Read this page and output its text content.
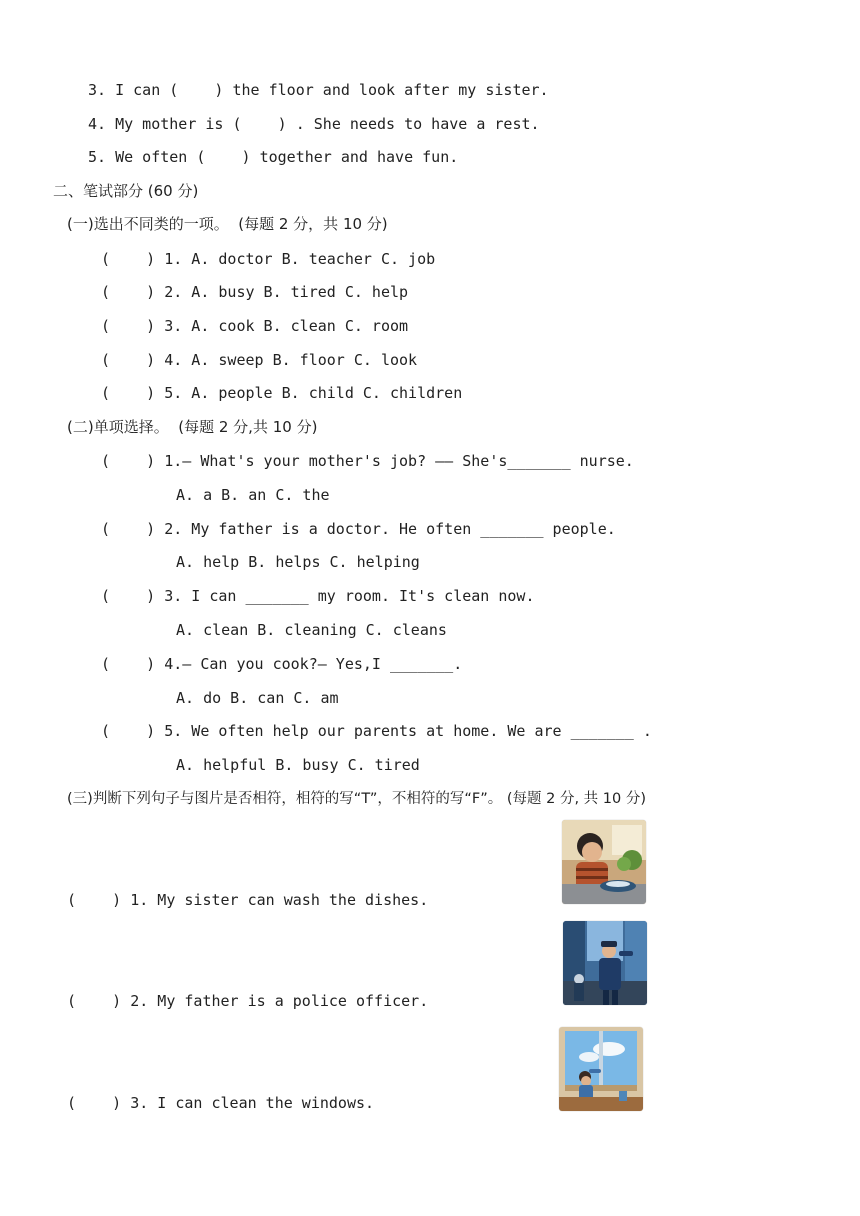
3. I can (    ) the floor and look after my sister.
4. My mother is (    ) . She needs to have a rest.
5. We often (    ) together and have fun.
二、笔试部分 (60 分)
(一)选出不同类的一项。  (每题 2 分，共 10 分)
(    ) 1. A. doctor B. teacher C. job
(    ) 2. A. busy B. tired C. help
(    ) 3. A. cook B. clean C. room
(    ) 4. A. sweep B. floor C. look
(    ) 5. A. people B. child C. children
(二)单项选择。  (每题 2 分,共 10 分)
(    ) 1.— What's your mother's job? —— She's_______ nurse.
A. a B. an C. the
(    ) 2. My father is a doctor. He often _______ people.
A. help B. helps C. helping
(    ) 3. I can _______ my room. It's clean now.
A. clean B. cleaning C. cleans
(    ) 4.— Can you cook?— Yes,I _______.
A. do B. can C. am
(    ) 5. We often help our parents at home. We are _______ .
A. helpful B. busy C. tired
(三)判断下列句子与图片是否相符，相符的写“T”，不相符的写“F”。 (每题 2 分, 共 10 分)
(    ) 1. My sister can wash the dishes.
(    ) 2. My father is a police officer.
(    ) 3. I can clean the windows.
